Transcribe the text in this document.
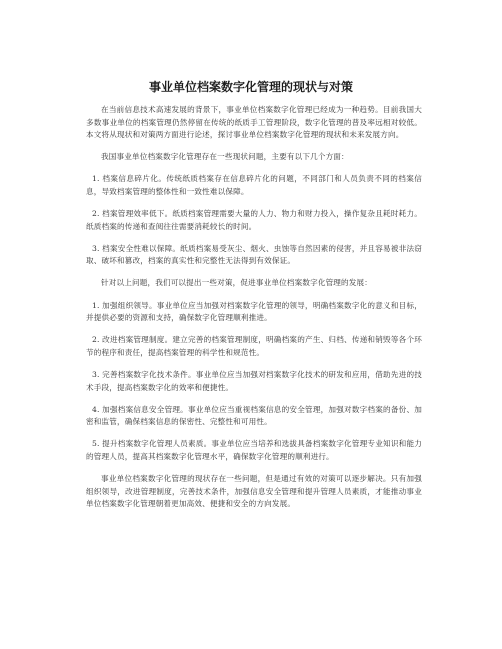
事业单位档案数字化管理的现状与对策

在当前信息技术高速发展的背景下，事业单位档案数字化管理已经成为一种趋势。目前我国大多数事业单位的档案管理仍然停留在传统的纸质手工管理阶段，数字化管理的普及率远相对较低。本文将从现状和对策两方面进行论述，探讨事业单位档案数字化管理的现状和未来发展方向。

我国事业单位档案数字化管理存在一些现状问题，主要有以下几个方面：

1. 档案信息碎片化。传统纸质档案存在信息碎片化的问题，不同部门和人员负责不同的档案信息，导致档案管理的整体性和一致性难以保障。

2. 档案管理效率低下。纸质档案管理需要大量的人力、物力和财力投入，操作复杂且耗时耗力。纸质档案的传递和查阅往往需要消耗较长的时间。

3. 档案安全性难以保障。纸质档案易受灰尘、烟火、虫蚀等自然因素的侵害，并且容易被非法窃取、破坏和篡改，档案的真实性和完整性无法得到有效保证。

针对以上问题，我们可以提出一些对策，促进事业单位档案数字化管理的发展：

1. 加强组织领导。事业单位应当加强对档案数字化管理的领导，明确档案数字化的意义和目标，并提供必要的资源和支持，确保数字化管理顺利推进。

2. 改进档案管理制度。建立完善的档案管理制度，明确档案的产生、归档、传递和销毁等各个环节的程序和责任，提高档案管理的科学性和规范性。

3. 完善档案数字化技术条件。事业单位应当加强对档案数字化技术的研发和应用，借助先进的技术手段，提高档案数字化的效率和便捷性。

4. 加强档案信息安全管理。事业单位应当重视档案信息的安全管理，加强对数字档案的备份、加密和监管，确保档案信息的保密性、完整性和可用性。

5. 提升档案数字化管理人员素质。事业单位应当培养和选拔具备档案数字化管理专业知识和能力的管理人员，提高其档案数字化管理水平，确保数字化管理的顺利进行。

事业单位档案数字化管理的现状存在一些问题，但是通过有效的对策可以逐步解决。只有加强组织领导，改进管理制度，完善技术条件，加强信息安全管理和提升管理人员素质，才能推动事业单位档案数字化管理朝着更加高效、便捷和安全的方向发展。
